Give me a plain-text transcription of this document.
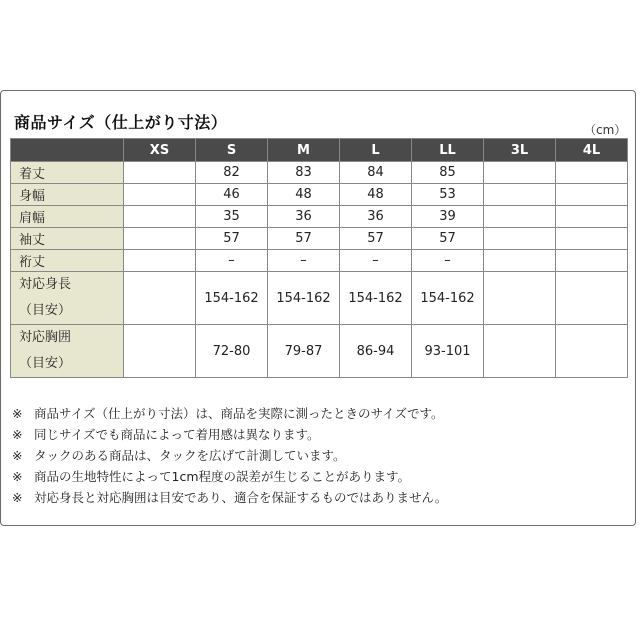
商品サイズ（仕上がり寸法）	（cm）
	XS	S	M	L	LL	3L	4L
着丈		82	83	84	85		
身幅		46	48	48	53		
肩幅		35	36	36	39		
袖丈		57	57	57	57		
裄丈		–	–	–	–		

対応身長
（目安）		154-162	154-162	154-162	154-162		

対応胸囲
（目安）		72-80	79-87	86-94	93-101		
※ 商品サイズ（仕上がり寸法）は、商品を実際に測ったときのサイズです。
※ 同じサイズでも商品によって着用感は異なります。
※ タックのある商品は、タックを広げて計測しています。
※ 商品の生地特性によって1cm程度の誤差が生じることがあります。
※ 対応身長と対応胸囲は目安であり、適合を保証するものではありません。
